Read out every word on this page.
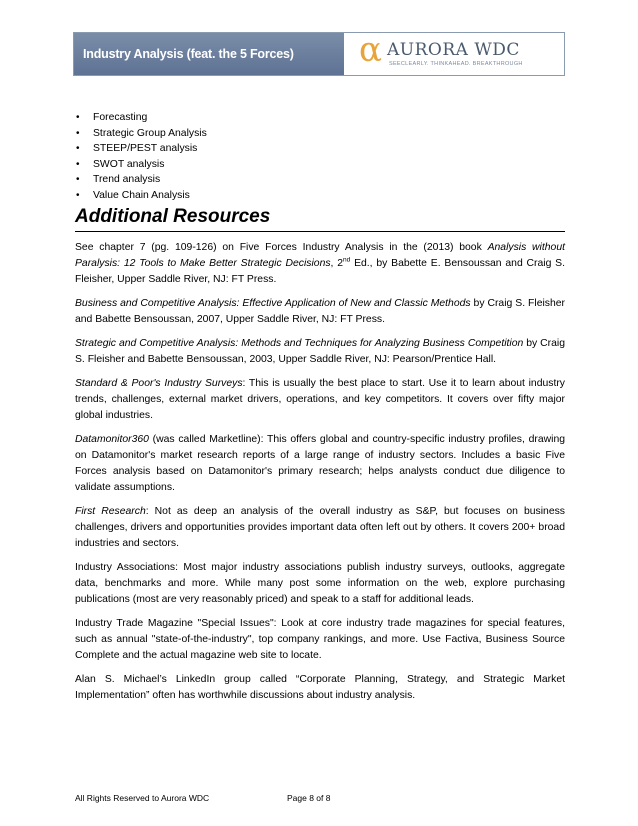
Industry Analysis (feat. the 5 Forces)	α AURORA WDC
SEECLEARLY. THINKAHEAD. BREAKTHROUGH
• Forecasting
• Strategic Group Analysis
• STEEP/PEST analysis
• SWOT analysis
• Trend analysis
• Value Chain Analysis
Additional Resources

See chapter 7 (pg. 109-126) on Five Forces Industry Analysis in the (2013) book Analysis without Paralysis: 12 Tools to Make Better Strategic Decisions, 2nd Ed., by Babette E. Bensoussan and Craig S. Fleisher, Upper Saddle River, NJ: FT Press.

Business and Competitive Analysis: Effective Application of New and Classic Methods by Craig S. Fleisher and Babette Bensoussan, 2007, Upper Saddle River, NJ: FT Press.

Strategic and Competitive Analysis: Methods and Techniques for Analyzing Business Competition by Craig S. Fleisher and Babette Bensoussan, 2003, Upper Saddle River, NJ: Pearson/Prentice Hall.

Standard & Poor's Industry Surveys: This is usually the best place to start. Use it to learn about industry trends, challenges, external market drivers, operations, and key competitors. It covers over fifty major global industries.

Datamonitor360 (was called Marketline): This offers global and country-specific industry profiles, drawing on Datamonitor's market research reports of a large range of industry sectors. Includes a basic Five Forces analysis based on Datamonitor's primary research; helps analysts conduct due diligence to validate assumptions.

First Research: Not as deep an analysis of the overall industry as S&P, but focuses on business challenges, drivers and opportunities provides important data often left out by others. It covers 200+ broad industries and sectors.

Industry Associations: Most major industry associations publish industry surveys, outlooks, aggregate data, benchmarks and more. While many post some information on the web, explore purchasing publications (most are very reasonably priced) and speak to a staff for additional leads.

Industry Trade Magazine "Special Issues": Look at core industry trade magazines for special features, such as annual "state-of-the-industry", top company rankings, and more. Use Factiva, Business Source Complete and the actual magazine web site to locate.

Alan S. Michael’s LinkedIn group called “Corporate Planning, Strategy, and Strategic Market Implementation” often has worthwhile discussions about industry analysis.

All Rights Reserved to Aurora WDC	Page 8 of 8
